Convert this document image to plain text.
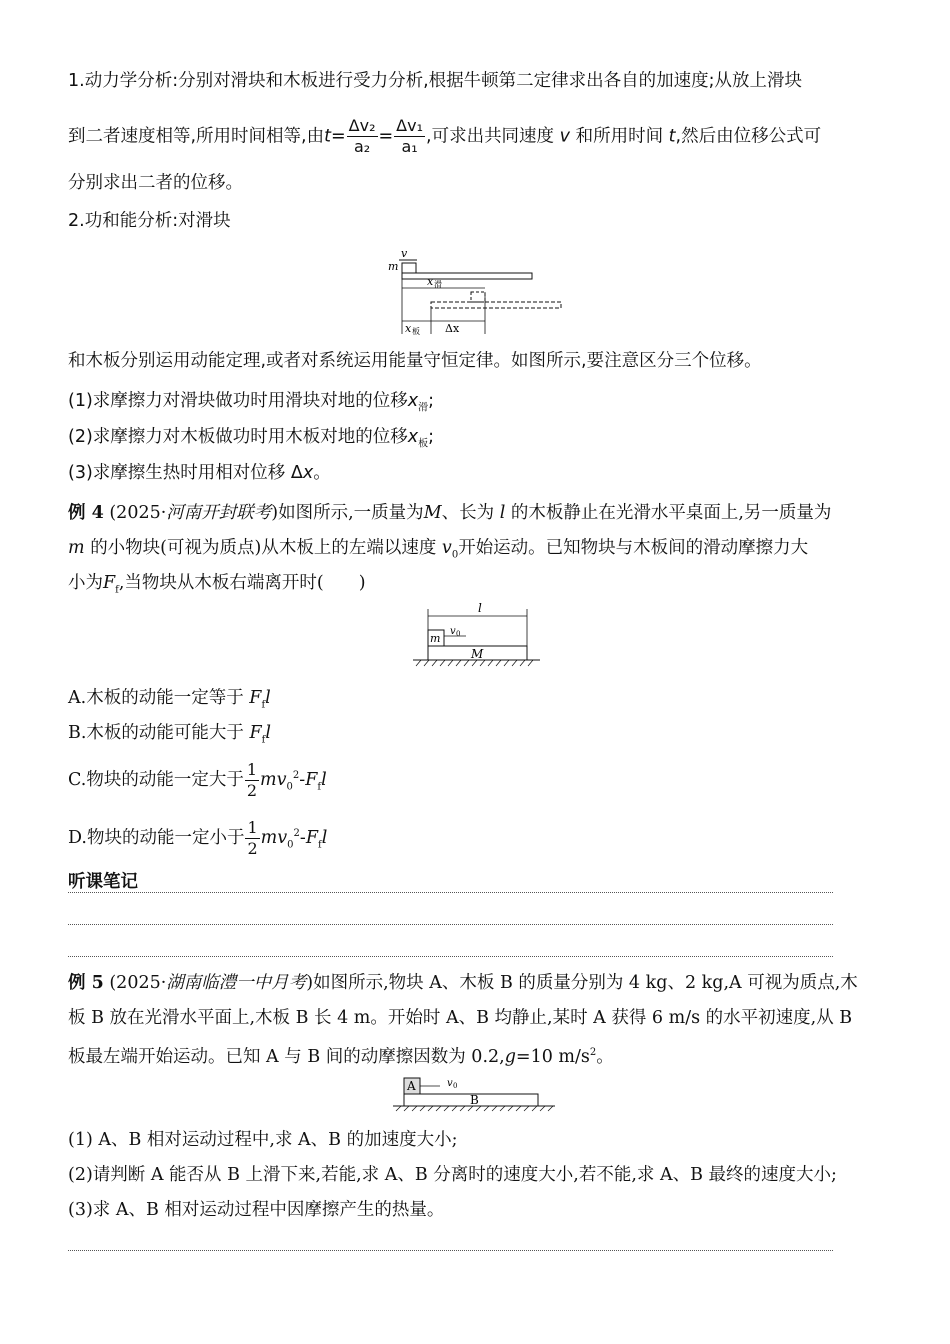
1.动力学分析:分别对滑块和木板进行受力分析,根据牛顿第二定律求出各自的加速度;从放上滑块
到二者速度相等,所用时间相等,由$t= \frac{\text{Δv₂}}{\text{a₂}} = \frac{\text{Δv₁}}{\text{a₁}}$ ,可求出共同速度 v 和所用时间 t,然后由位移公式可
分别求出二者的位移。
2.功和能分析:对滑块
v
m
x 滑
x 板 Δx
和木板分别运用动能定理,或者对系统运用能量守恒定律。如图所示,要注意区分三个位移。
(1)求摩擦力对滑块做功时用滑块对地的位移$x_滑$;
(2)求摩擦力对木板做功时用木板对地的位移$x_板$;
(3)求摩擦生热时用相对位移 Δx。
例 4 (2025·河南开封联考)如图所示,一质量为M、长为 l 的木板静止在光滑水平桌面上,另一质量为
m 的小物块(可视为质点)从木板上的左端以速度 $v_0$开始运动。已知物块与木板间的滑动摩擦力大
小为$F_f$,当物块从木板右端离开时(　　)
l
m
v 0
M
A.木板的动能一定等于 $F_fl$
B.木板的动能可能大于 $F_fl$
C.物块的动能一定大于 $\frac{1}{2} mv_0^2-F_fl$
D.物块的动能一定小于 $\frac{1}{2} mv_0^2-F_fl$
听课笔记
例 5 (2025·湖南临澧一中月考)如图所示,物块 A、木板 B 的质量分别为 4 kg、2 kg,A 可视为质点,木
板 B 放在光滑水平面上,木板 B 长 4 m。开始时 A、B 均静止,某时 A 获得 6 m/s 的水平初速度,从 B
板最左端开始运动。已知 A 与 B 间的动摩擦因数为 0.2,g=10 $m/s^2$。
A	v 0
B
(1) A、B 相对运动过程中,求 A、B 的加速度大小;
(2)请判断 A 能否从 B 上滑下来,若能,求 A、B 分离时的速度大小,若不能,求 A、B 最终的速度大小;
(3)求 A、B 相对运动过程中因摩擦产生的热量。
